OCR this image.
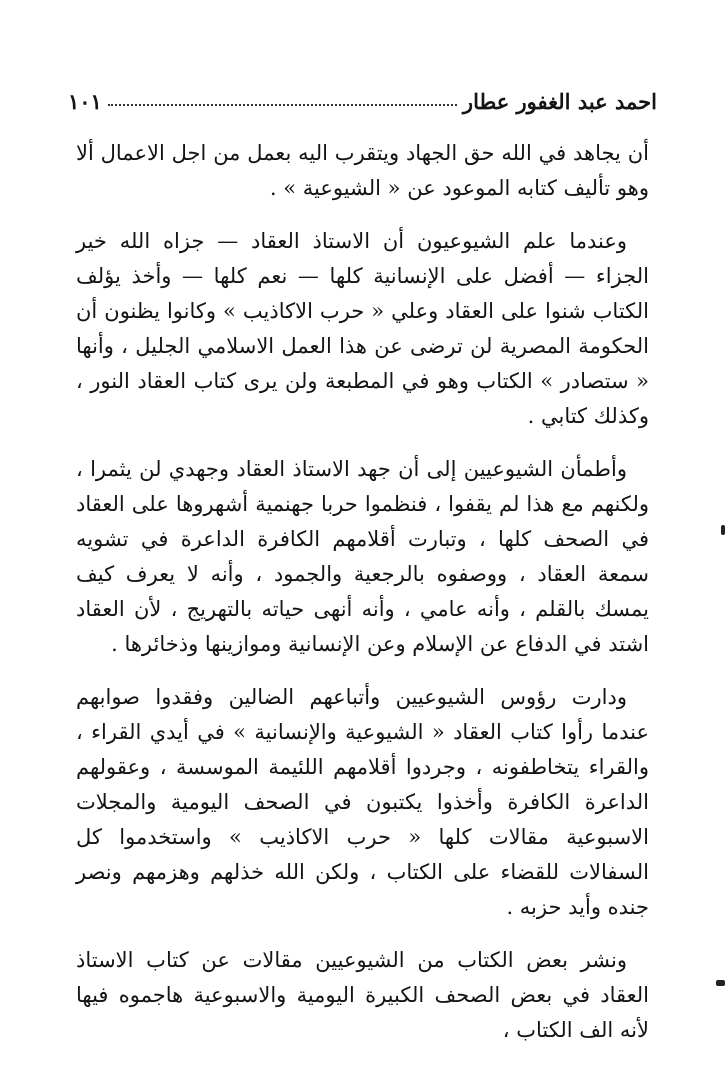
احمد عبد الغفور عطار
١٠١

أن يجاهد في الله حق الجهاد ويتقرب اليه بعمل من اجل الاعمال ألا وهو تأليف كتابه الموعود عن « الشيوعية » .

وعندما علم الشيوعيون أن الاستاذ العقاد — جزاه الله خير الجزاء — أفضل على الإنسانية كلها — نعم كلها — وأخذ يؤلف الكتاب شنوا على العقاد وعلي « حرب الاكاذيب » وكانوا يظنون أن الحكومة المصرية لن ترضى عن هذا العمل الاسلامي الجليل ، وأنها « ستصادر » الكتاب وهو في المطبعة ولن يرى كتاب العقاد النور ، وكذلك كتابي .

وأطمأن الشيوعيين إلى أن جهد الاستاذ العقاد وجهدي لن يثمرا ، ولكنهم مع هذا لم يقفوا ، فنظموا حربا جهنمية أشهروها على العقاد في الصحف كلها ، وتبارت أقلامهم الكافرة الداعرة في تشويه سمعة العقاد ، ووصفوه بالرجعية والجمود ، وأنه لا يعرف كيف يمسك بالقلم ، وأنه عامي ، وأنه أنهى حياته بالتهريج ، لأن العقاد اشتد في الدفاع عن الإسلام وعن الإنسانية وموازينها وذخائرها .

ودارت رؤوس الشيوعيين وأتباعهم الضالين وفقدوا صوابهم عندما رأوا كتاب العقاد « الشيوعية والإنسانية » في أيدي القراء ، والقراء يتخاطفونه ، وجردوا أقلامهم اللئيمة الموسسة ، وعقولهم الداعرة الكافرة وأخذوا يكتبون في الصحف اليومية والمجلات الاسبوعية مقالات كلها « حرب الاكاذيب » واستخدموا كل السفالات للقضاء على الكتاب ، ولكن الله خذلهم وهزمهم ونصر جنده وأيد حزبه .

ونشر بعض الكتاب من الشيوعيين مقالات عن كتاب الاستاذ العقاد في بعض الصحف الكبيرة اليومية والاسبوعية هاجموه فيها لأنه الف الكتاب ،
